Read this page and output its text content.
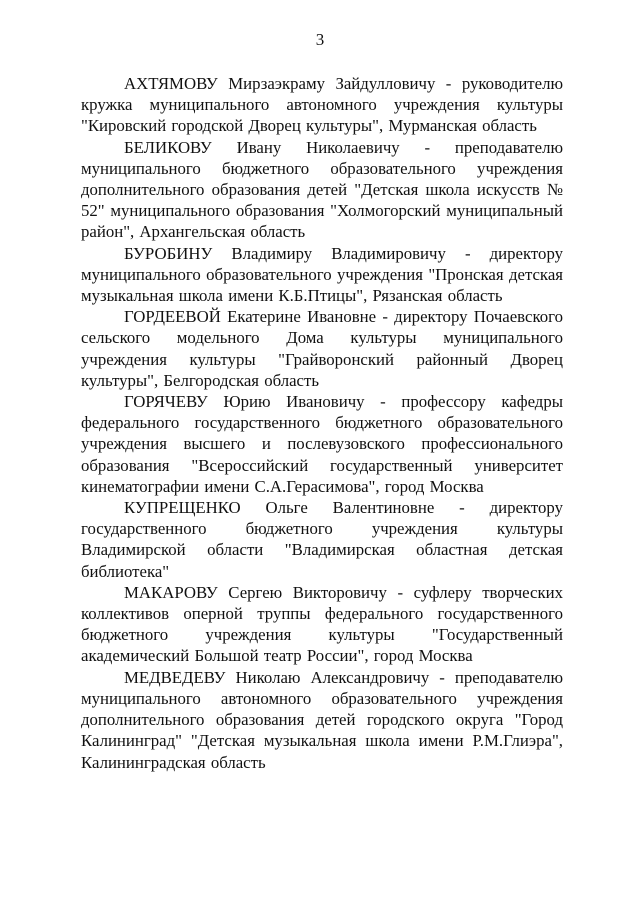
3

АХТЯМОВУ Мирзаэкраму Зайдулловичу - руководителю кружка муниципального автономного учреждения культуры "Кировский городской Дворец культуры", Мурманская область

БЕЛИКОВУ Ивану Николаевичу - преподавателю муниципального бюджетного образовательного учреждения дополнительного образования детей "Детская школа искусств № 52" муниципального образования "Холмогорский муниципальный район", Архангельская область

БУРОБИНУ Владимиру Владимировичу - директору муниципального образовательного учреждения "Пронская детская музыкальная школа имени К.Б.Птицы", Рязанская область

ГОРДЕЕВОЙ Екатерине Ивановне - директору Почаевского сельского модельного Дома культуры муниципального учреждения культуры "Грайворонский районный Дворец культуры", Белгородская область

ГОРЯЧЕВУ Юрию Ивановичу - профессору кафедры федерального государственного бюджетного образовательного учреждения высшего и послевузовского профессионального образования "Всероссийский государственный университет кинематографии имени С.А.Герасимова", город Москва

КУПРЕЩЕНКО Ольге Валентиновне - директору государственного бюджетного учреждения культуры Владимирской области "Владимирская областная детская библиотека"

МАКАРОВУ Сергею Викторовичу - суфлеру творческих коллективов оперной труппы федерального государственного бюджетного учреждения культуры "Государственный академический Большой театр России", город Москва

МЕДВЕДЕВУ Николаю Александровичу - преподавателю муниципального автономного образовательного учреждения дополнительного образования детей городского округа "Город Калининград" "Детская музыкальная школа имени Р.М.Глиэра", Калининградская область
